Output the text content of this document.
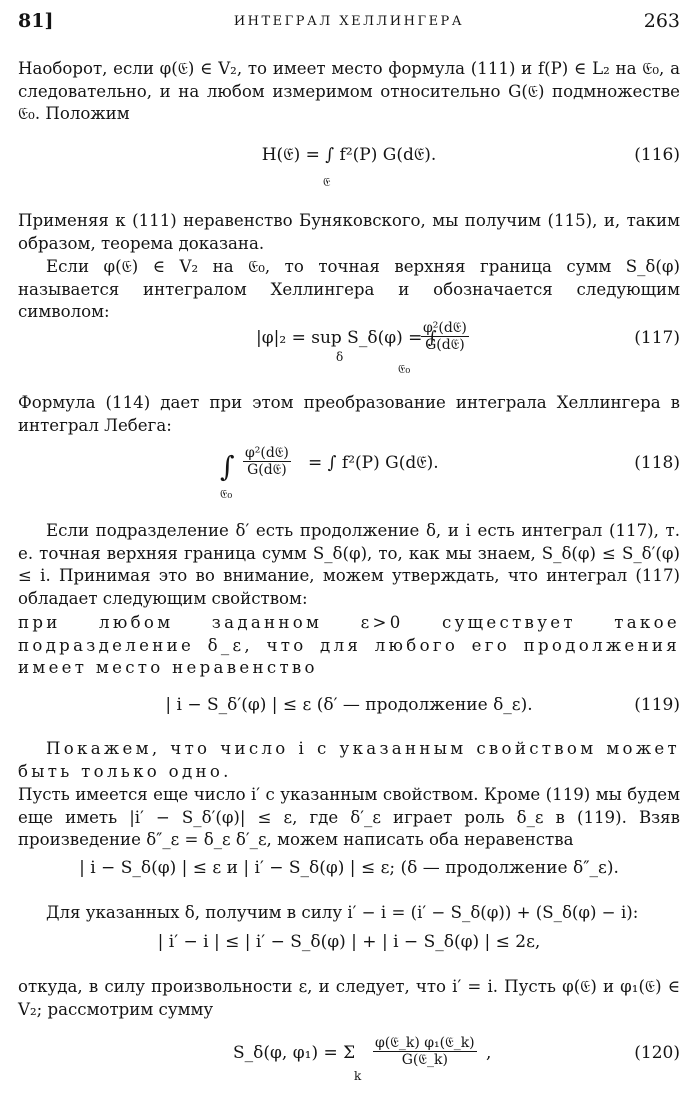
81]	ИНТЕГРАЛ ХЕЛЛИНГЕРА	263
Наоборот, если φ(𝔈) ∈ V₂, то имеет место формула (111) и f(P) ∈ L₂ на 𝔈₀, а следовательно, и на любом измеримом относительно G(𝔈) подмножестве 𝔈₀. Положим
H(𝔈) = ∫ f²(P) G(d𝔈).
𝔈
(116)
Применяя к (111) неравенство Буняковского, мы получим (115), и, таким образом, теорема доказана.
Если φ(𝔈) ∈ V₂ на 𝔈₀, то точная верхняя граница сумм S_δ(φ) называется интегралом Хеллингера и обозначается следующим символом:
|φ|₂ = sup S_δ(φ) = ∫
δ
φ²(d𝔈)
G(d𝔈)
𝔈₀
(117)
Формула (114) дает при этом преобразование интеграла Хеллингера в интеграл Лебега:
∫ φ²(d𝔈)
G(d𝔈) = ∫ f²(P) G(d𝔈).
𝔈₀
(118)
Если подразделение δ′ есть продолжение δ, и i есть интеграл (117), т. е. точная верхняя граница сумм S_δ(φ), то, как мы знаем, S_δ(φ) ≤ S_δ′(φ) ≤ i. Принимая это во внимание, можем утверждать, что интеграл (117) обладает следующим свойством:
при любом заданном ε>0 существует такое подразделение δ_ε, что для любого его продолжения имеет место неравенство
| i − S_δ′(φ) | ≤ ε (δ′ — продолжение δ_ε).	(119)
Покажем, что число i с указанным свойством может быть только одно.
Пусть имеется еще число i′ с указанным свойством. Кроме (119) мы будем еще иметь |i′ − S_δ′(φ)| ≤ ε, где δ′_ε играет роль δ_ε в (119). Взяв произведение δ″_ε = δ_ε δ′_ε, можем написать оба неравенства
| i − S_δ(φ) | ≤ ε и | i′ − S_δ(φ) | ≤ ε; (δ — продолжение δ″_ε).
Для указанных δ, получим в силу i′ − i = (i′ − S_δ(φ)) + (S_δ(φ) − i):
| i′ − i | ≤ | i′ − S_δ(φ) | + | i − S_δ(φ) | ≤ 2ε,
откуда, в силу произвольности ε, и следует, что i′ = i. Пусть φ(𝔈) и φ₁(𝔈) ∈ V₂; рассмотрим сумму
S_δ(φ, φ₁) = Σ
k
φ(𝔈_k) φ₁(𝔈_k)
G(𝔈_k) ,	(120)
